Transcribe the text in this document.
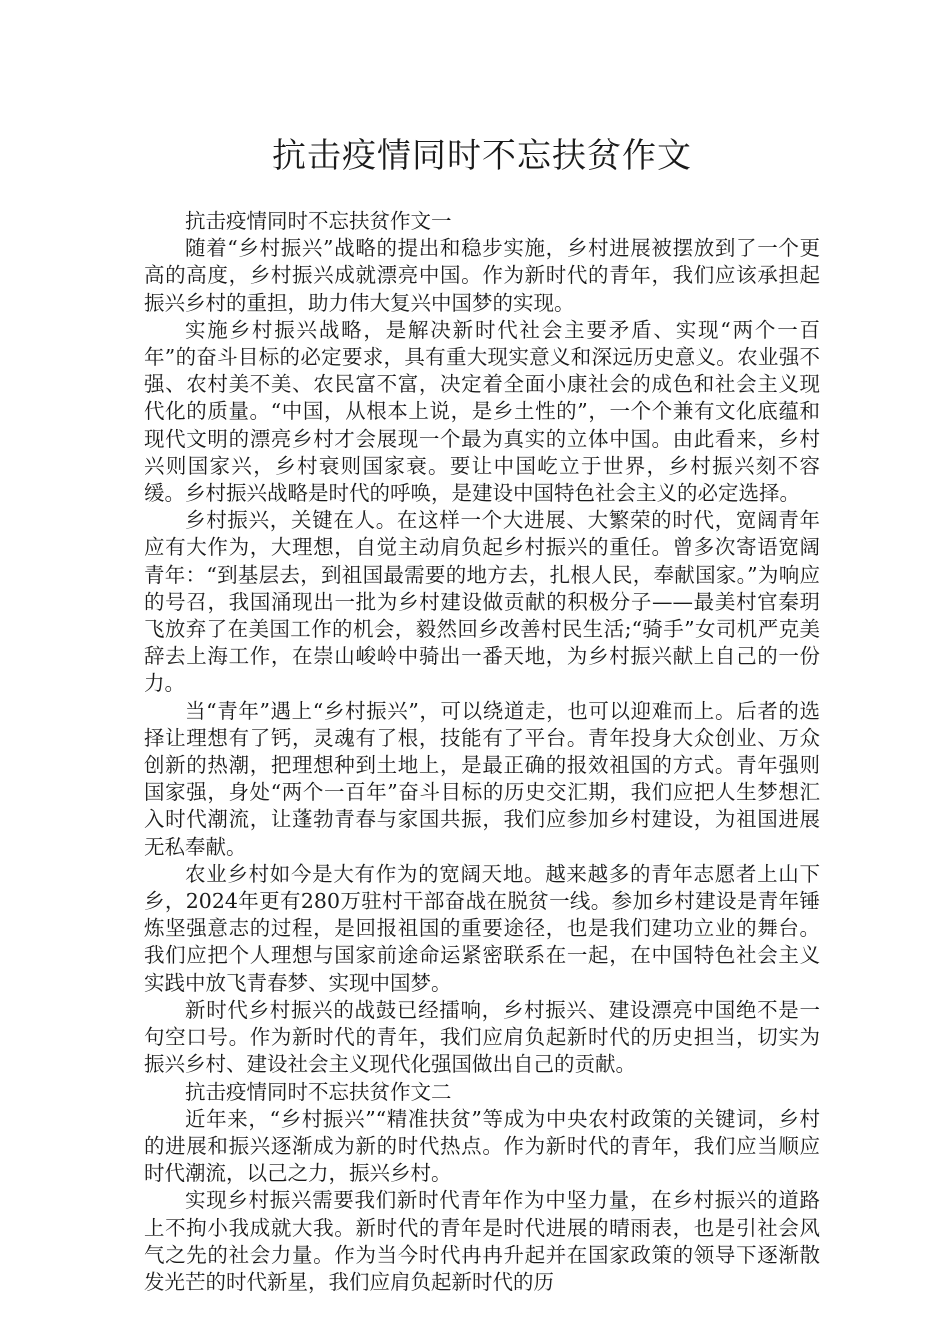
抗击疫情同时不忘扶贫作文

抗击疫情同时不忘扶贫作文一

随着“乡村振兴”战略的提出和稳步实施，乡村进展被摆放到了一个更高的高度，乡村振兴成就漂亮中国。作为新时代的青年，我们应该承担起振兴乡村的重担，助力伟大复兴中国梦的实现。

实施乡村振兴战略，是解决新时代社会主要矛盾、实现“两个一百年”的奋斗目标的必定要求，具有重大现实意义和深远历史意义。农业强不强、农村美不美、农民富不富，决定着全面小康社会的成色和社会主义现代化的质量。“中国，从根本上说，是乡土性的”，一个个兼有文化底蕴和现代文明的漂亮乡村才会展现一个最为真实的立体中国。由此看来，乡村兴则国家兴，乡村衰则国家衰。要让中国屹立于世界，乡村振兴刻不容缓。乡村振兴战略是时代的呼唤，是建设中国特色社会主义的必定选择。

乡村振兴，关键在人。在这样一个大进展、大繁荣的时代，宽阔青年应有大作为，大理想，自觉主动肩负起乡村振兴的重任。曾多次寄语宽阔青年：“到基层去，到祖国最需要的地方去，扎根人民，奉献国家。”为响应的号召，我国涌现出一批为乡村建设做贡献的积极分子——最美村官秦玥飞放弃了在美国工作的机会，毅然回乡改善村民生活;“骑手”女司机严克美辞去上海工作，在崇山峻岭中骑出一番天地，为乡村振兴献上自己的一份力。

当“青年”遇上“乡村振兴”，可以绕道走，也可以迎难而上。后者的选择让理想有了钙，灵魂有了根，技能有了平台。青年投身大众创业、万众创新的热潮，把理想种到土地上，是最正确的报效祖国的方式。青年强则国家强，身处“两个一百年”奋斗目标的历史交汇期，我们应把人生梦想汇入时代潮流，让蓬勃青春与家国共振，我们应参加乡村建设，为祖国进展无私奉献。

农业乡村如今是大有作为的宽阔天地。越来越多的青年志愿者上山下乡，2024年更有280万驻村干部奋战在脱贫一线。参加乡村建设是青年锤炼坚强意志的过程，是回报祖国的重要途径，也是我们建功立业的舞台。我们应把个人理想与国家前途命运紧密联系在一起，在中国特色社会主义实践中放飞青春梦、实现中国梦。

新时代乡村振兴的战鼓已经擂响，乡村振兴、建设漂亮中国绝不是一句空口号。作为新时代的青年，我们应肩负起新时代的历史担当，切实为振兴乡村、建设社会主义现代化强国做出自己的贡献。

抗击疫情同时不忘扶贫作文二

近年来，“乡村振兴”“精准扶贫”等成为中央农村政策的关键词，乡村的进展和振兴逐渐成为新的时代热点。作为新时代的青年，我们应当顺应时代潮流，以己之力，振兴乡村。

实现乡村振兴需要我们新时代青年作为中坚力量，在乡村振兴的道路上不拘小我成就大我。新时代的青年是时代进展的晴雨表，也是引社会风气之先的社会力量。作为当今时代冉冉升起并在国家政策的领导下逐渐散发光芒的时代新星，我们应肩负起新时代的历
